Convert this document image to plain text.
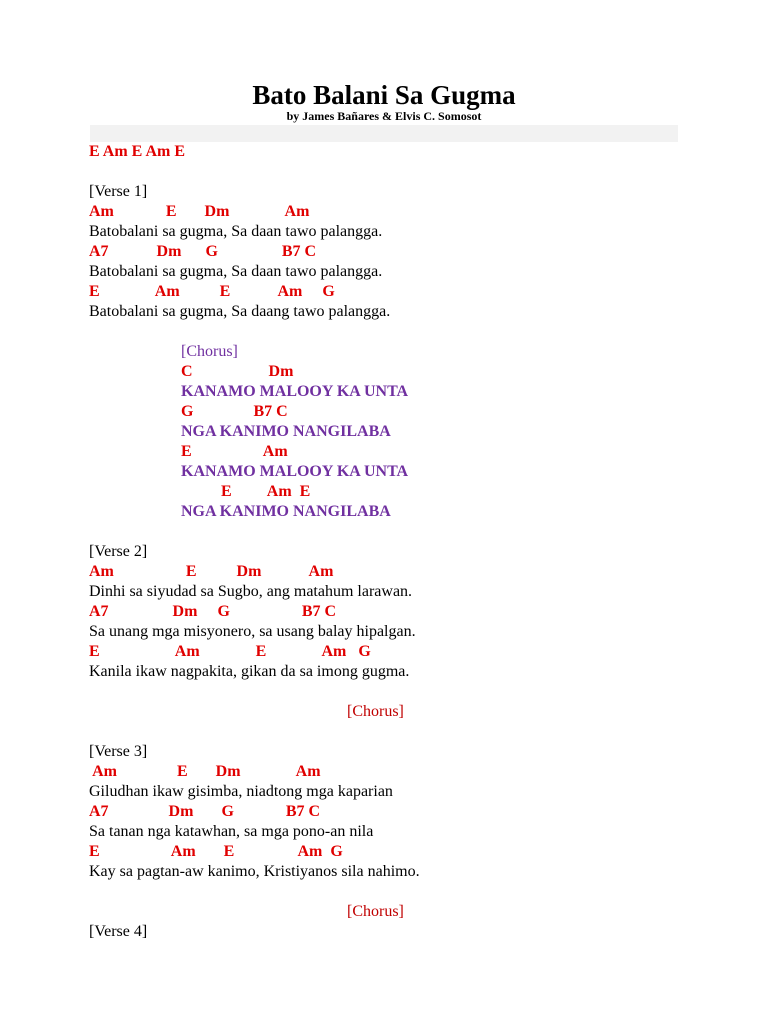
Bato Balani Sa Gugma
by James Bañares & Elvis C. Somosot
E Am E Am E
[Verse 1]
Am             E       Dm              Am
Batobalani sa gugma, Sa daan tawo palangga.
A7            Dm      G                B7 C
Batobalani sa gugma, Sa daan tawo palangga.
E              Am          E            Am     G
Batobalani sa gugma, Sa daang tawo palangga.
[Chorus]
C                   Dm
KANAMO MALOOY KA UNTA
G               B7 C
NGA KANIMO NANGILABA
E                  Am
KANAMO MALOOY KA UNTA
E         Am  E
NGA KANIMO NANGILABA
[Verse 2]
Am                  E          Dm            Am
Dinhi sa siyudad sa Sugbo, ang matahum larawan.
A7                Dm     G                  B7 C
Sa unang mga misyonero, sa usang balay hipalgan.
E                   Am              E              Am   G
Kanila ikaw nagpakita, gikan da sa imong gugma.
[Chorus]
[Verse 3]
Am               E       Dm              Am
Giludhan ikaw gisimba, niadtong mga kaparian
A7               Dm       G             B7 C
Sa tanan nga katawhan, sa mga pono-an nila
E                  Am       E                Am  G
Kay sa pagtan-aw kanimo, Kristiyanos sila nahimo.
[Chorus]
[Verse 4]
